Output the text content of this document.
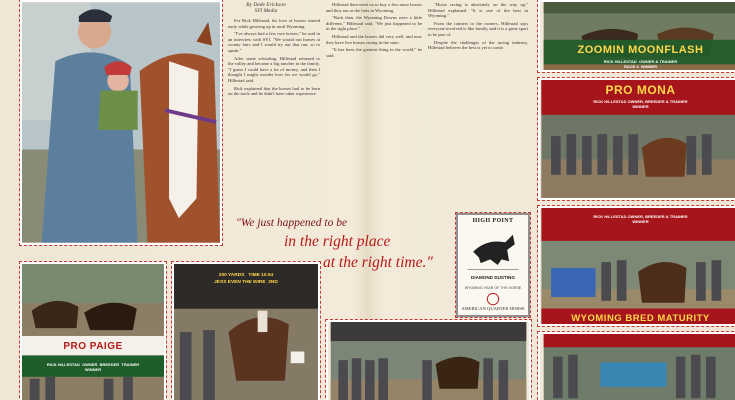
By Dede Erickson
SYI Media

For Rick Hillestad, his love of horses started early while growing up in rural Wyoming.

"I've always had a few race horses," he said in an interview with SYI. "We would run horses at county fairs and I would try out that run, so to speak."

After some schooling, Hillestad returned to the valley and became a big rancher in the family. "I guess I could have a lot of money, and then I thought I might wonder how far we would go," Hillestad said.

Rick explained that the horses had to be born on the track and he didn't have other experience.

Hillestad then went on to buy a few more horses and they ran at the fairs in Wyoming.

"Back then, the Wyoming Downs were a little different," Hillestad said. "We just happened to be in the right place."

Hillestad and the horses did very well, and now they have five horses racing in the state.

"It has been the greatest thing in the world," he said.

"Horse racing is absolutely on the way up," Hillestad explained. "It is one of the best in Wyoming."

From the trainers to the owners, Hillestad says everyone involved is like family, and it is a great sport to be part of.

Despite the challenges of the racing industry, Hillestad believes the best is yet to come.

"We just happened to be
in the right place
at the right time."
ZOOMIN MOONFLASH
RICK HILLESTAD  OWNER & TRAINER
RACE 4  WINNER
PRO MONA
RICK HILLESTAD OWNER, BREEDER & TRAINER
WINNER
RICK HILLESTAD OWNER, BREEDER & TRAINER
WINNER
WYOMING BRED MATURITY
PRO PAIGE
RICK HILLESTAD  OWNER  BREEDER  TRAINER
WINNER
200 YARDS   TIME 10.54
JESS EVEN THE WIRE  2ND
HIGH POINT
DIAMOND DUSTING
WYOMING YEAR OF THE HORSE
AMERICAN QUARTER HORSE
